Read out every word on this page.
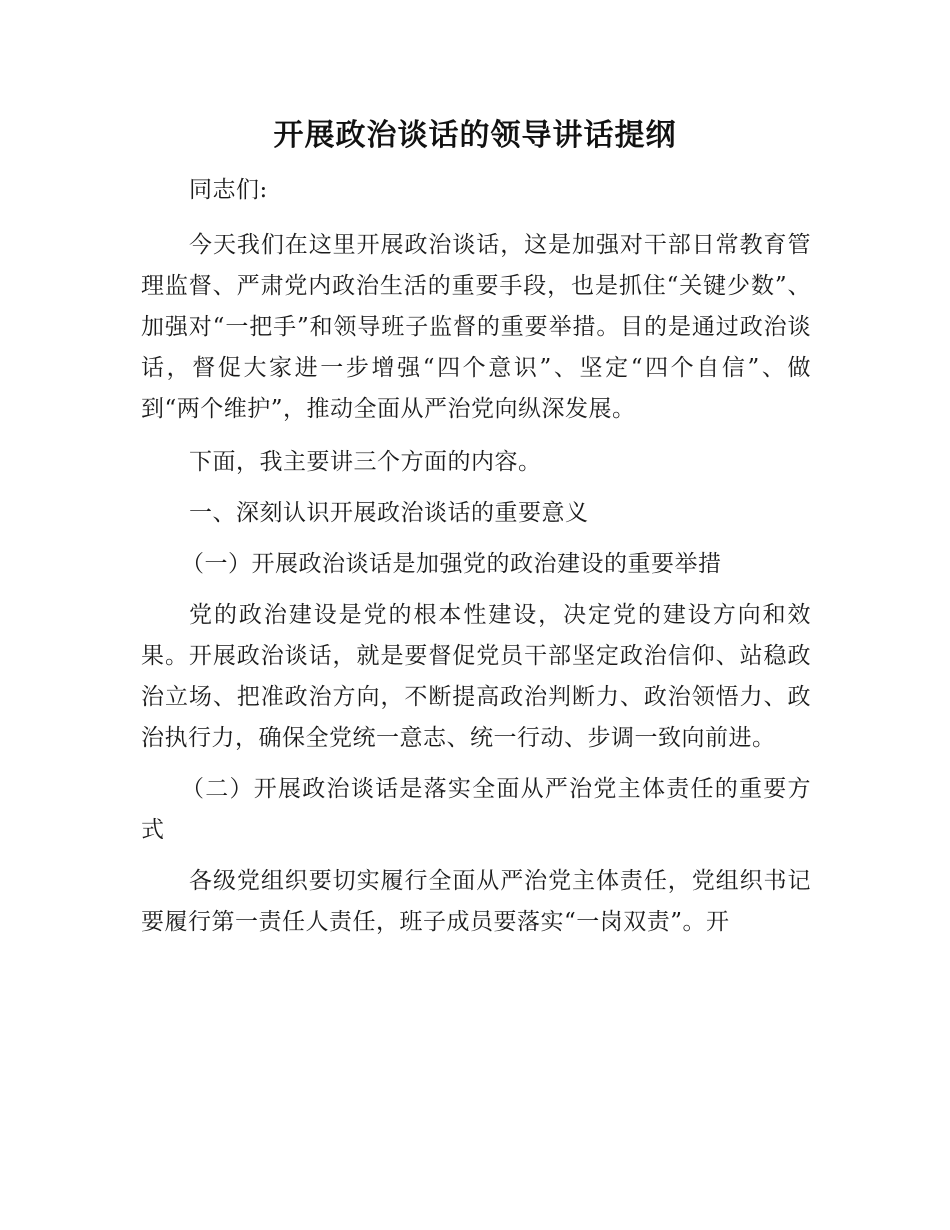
开展政治谈话的领导讲话提纲

同志们:

今天我们在这里开展政治谈话，这是加强对干部日常教育管理监督、严肃党内政治生活的重要手段，也是抓住“关键少数”、加强对“一把手”和领导班子监督的重要举措。目的是通过政治谈话，督促大家进一步增强“四个意识”、坚定“四个自信”、做到“两个维护”，推动全面从严治党向纵深发展。

下面，我主要讲三个方面的内容。

一、深刻认识开展政治谈话的重要意义

（一）开展政治谈话是加强党的政治建设的重要举措

党的政治建设是党的根本性建设，决定党的建设方向和效果。开展政治谈话，就是要督促党员干部坚定政治信仰、站稳政治立场、把准政治方向，不断提高政治判断力、政治领悟力、政治执行力，确保全党统一意志、统一行动、步调一致向前进。

（二）开展政治谈话是落实全面从严治党主体责任的重要方式

各级党组织要切实履行全面从严治党主体责任，党组织书记要履行第一责任人责任，班子成员要落实“一岗双责”。开
